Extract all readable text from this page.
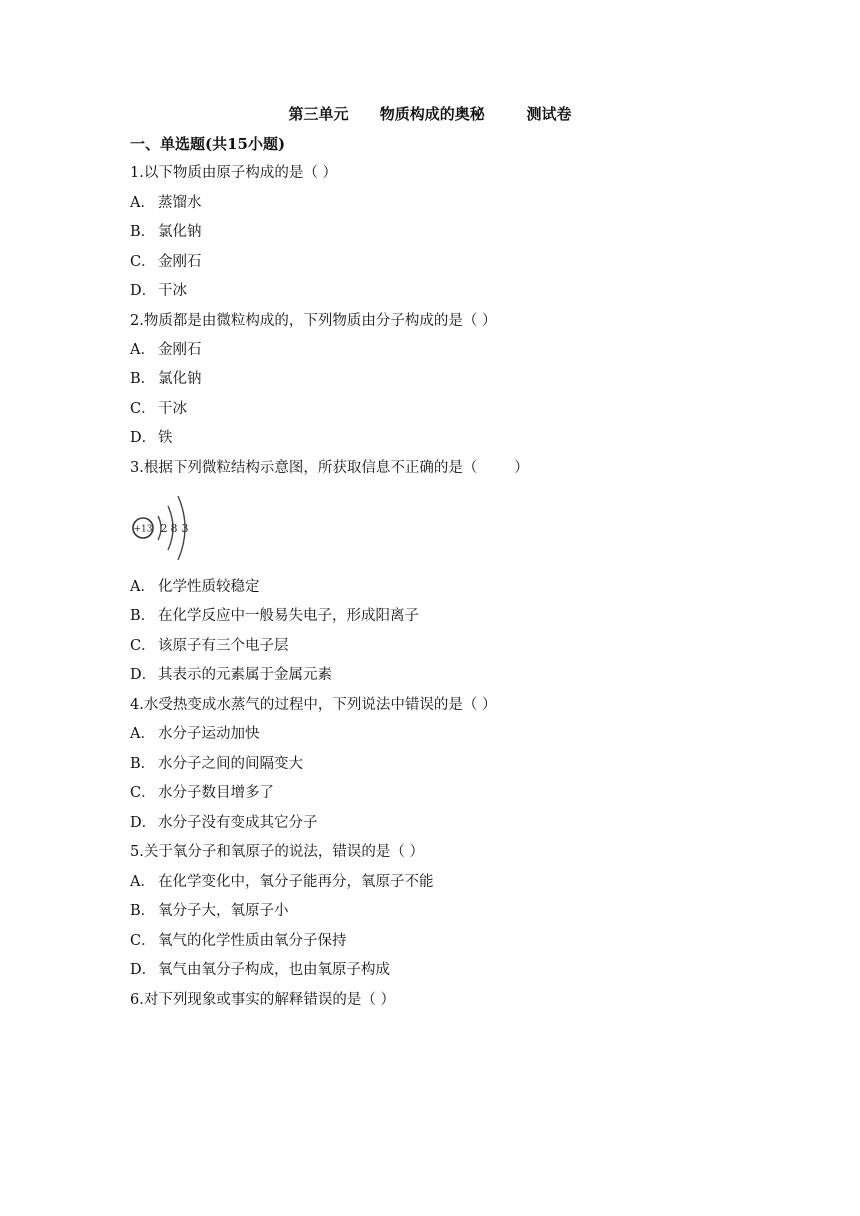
第三单元      物质构成的奥秘        测试卷
一、单选题(共15小题)
1.以下物质由原子构成的是（ ）
A． 蒸馏水
B． 氯化钠
C． 金刚石
D． 干冰
2.物质都是由微粒构成的，下列物质由分子构成的是（ ）
A． 金刚石
B． 氯化钠
C． 干冰
D． 铁
3.根据下列微粒结构示意图，所获取信息不正确的是（        ）
+13 2 8 3
A． 化学性质较稳定
B． 在化学反应中一般易失电子，形成阳离子
C． 该原子有三个电子层
D． 其表示的元素属于金属元素
4.水受热变成水蒸气的过程中，下列说法中错误的是（ ）
A． 水分子运动加快
B． 水分子之间的间隔变大
C． 水分子数目增多了
D． 水分子没有变成其它分子
5.关于氧分子和氧原子的说法，错误的是（ ）
A． 在化学变化中，氧分子能再分，氧原子不能
B． 氧分子大，氧原子小
C． 氧气的化学性质由氧分子保持
D． 氧气由氧分子构成，也由氧原子构成
6.对下列现象或事实的解释错误的是（ ）
